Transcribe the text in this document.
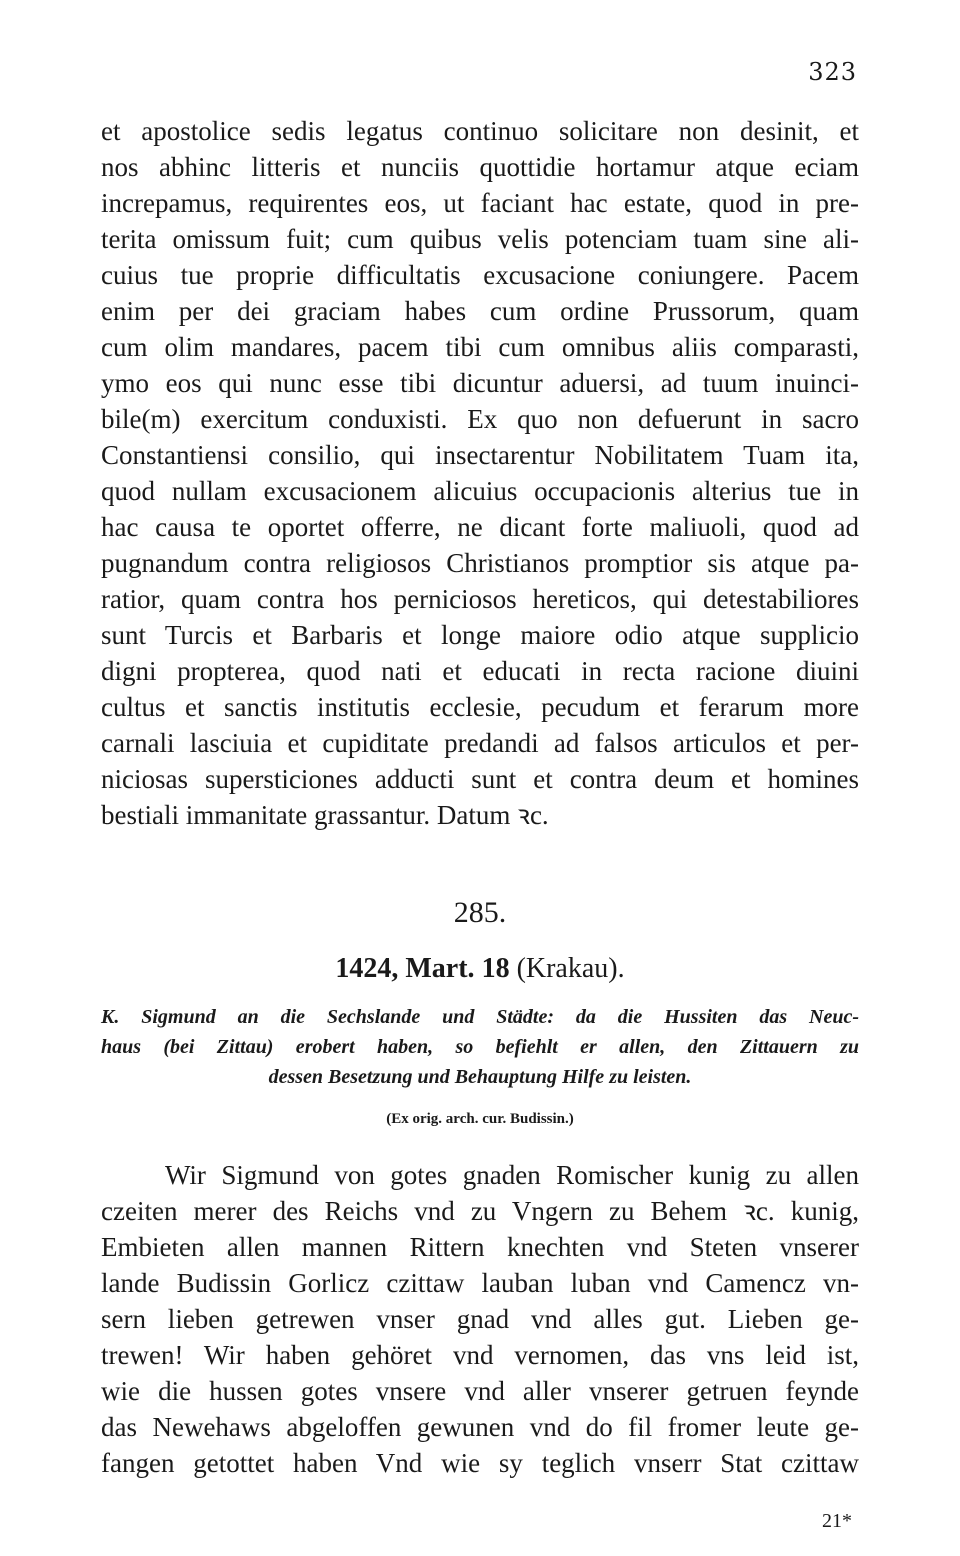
323
et apostolice sedis legatus continuo solicitare non desinit, et
nos abhinc litteris et nunciis quottidie hortamur atque eciam
increpamus, requirentes eos, ut faciant hac estate, quod in pre-
terita omissum fuit; cum quibus velis potenciam tuam sine ali-
cuius tue proprie difficultatis excusacione coniungere. Pacem
enim per dei graciam habes cum ordine Prussorum, quam
cum olim mandares, pacem tibi cum omnibus aliis comparasti,
ymo eos qui nunc esse tibi dicuntur aduersi, ad tuum inuinci-
bile(m) exercitum conduxisti. Ex quo non defuerunt in sacro
Constantiensi consilio, qui insectarentur Nobilitatem Tuam ita,
quod nullam excusacionem alicuius occupacionis alterius tue in
hac causa te oportet offerre, ne dicant forte maliuoli, quod ad
pugnandum contra religiosos Christianos promptior sis atque pa-
ratior, quam contra hos perniciosos hereticos, qui detestabiliores
sunt Turcis et Barbaris et longe maiore odio atque supplicio
digni propterea, quod nati et educati in recta racione diuini
cultus et sanctis institutis ecclesie, pecudum et ferarum more
carnali lasciuia et cupiditate predandi ad falsos articulos et per-
niciosas supersticiones adducti sunt et contra deum et homines
bestiali immanitate grassantur. Datum ꝛc.
285.
1424, Mart. 18 (Krakau).
K. Sigmund an die Sechslande und Städte: da die Hussiten das Neuc-
haus (bei Zittau) erobert haben, so befiehlt er allen, den Zittauern zu
dessen Besetzung und Behauptung Hilfe zu leisten.
(Ex orig. arch. cur. Budissin.)
Wir Sigmund von gotes gnaden Romischer kunig zu allen
czeiten merer des Reichs vnd zu Vngern zu Behem ꝛc. kunig,
Embieten allen mannen Rittern knechten vnd Steten vnserer
lande Budissin Gorlicz czittaw lauban luban vnd Camencz vn-
sern lieben getrewen vnser gnad vnd alles gut. Lieben ge-
trewen! Wir haben gehöret vnd vernomen, das vns leid ist,
wie die hussen gotes vnsere vnd aller vnserer getruen feynde
das Newehaws abgeloffen gewunen vnd do fil fromer leute ge-
fangen getottet haben Vnd wie sy teglich vnserr Stat czittaw
21*
